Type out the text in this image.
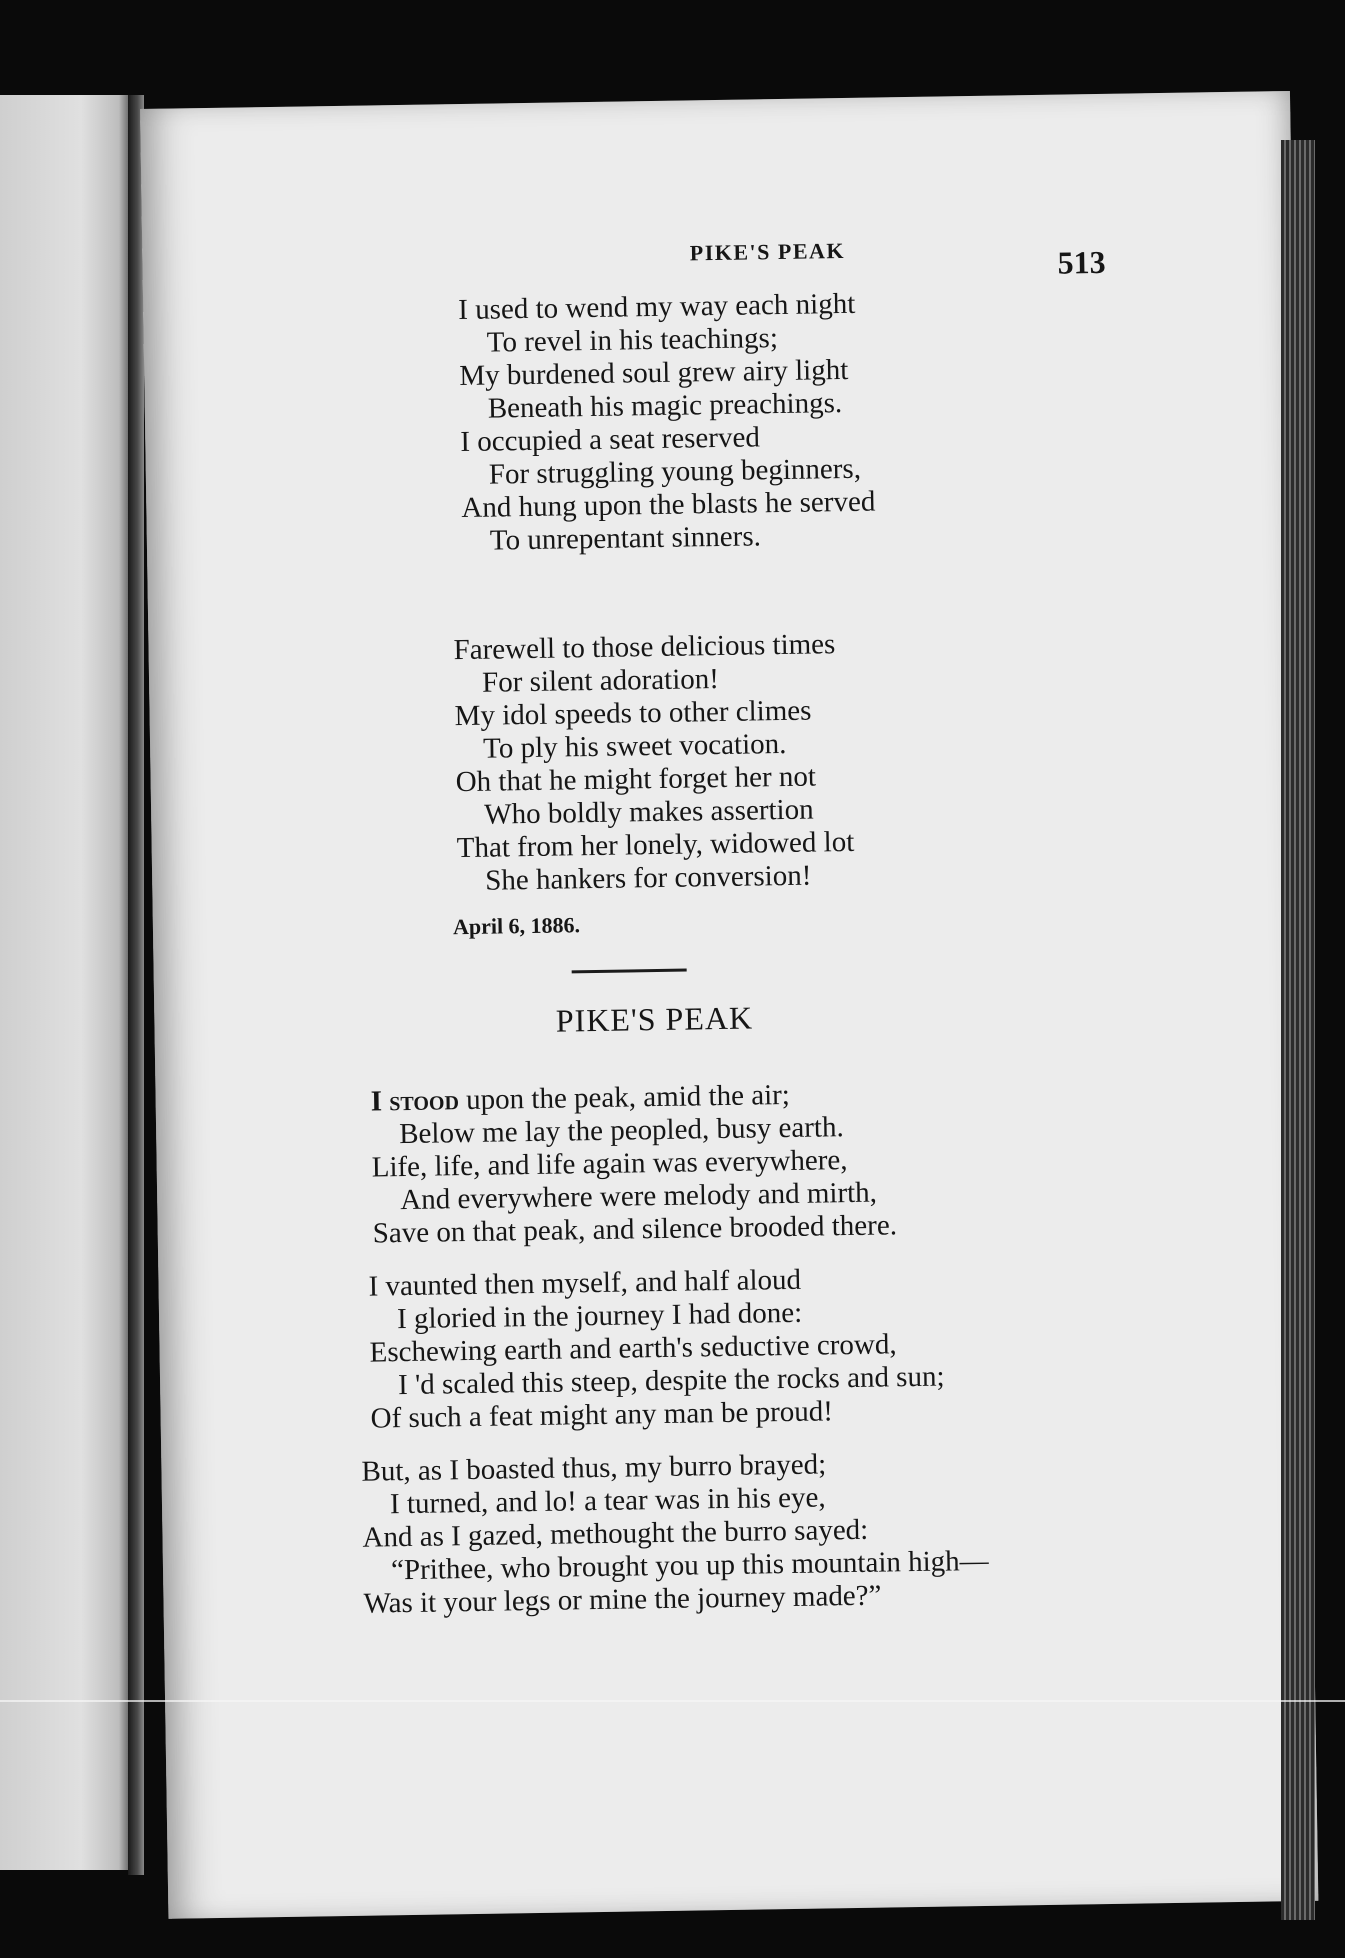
PIKE'S PEAK	513
I used to wend my way each night
To revel in his teachings;
My burdened soul grew airy light
Beneath his magic preachings.
I occupied a seat reserved
For struggling young beginners,
And hung upon the blasts he served
To unrepentant sinners.
Farewell to those delicious times
For silent adoration!
My idol speeds to other climes
To ply his sweet vocation.
Oh that he might forget her not
Who boldly makes assertion
That from her lonely, widowed lot
She hankers for conversion!
April 6, 1886.
PIKE'S PEAK
I stood upon the peak, amid the air;
Below me lay the peopled, busy earth.
Life, life, and life again was everywhere,
And everywhere were melody and mirth,
Save on that peak, and silence brooded there.
I vaunted then myself, and half aloud
I gloried in the journey I had done:
Eschewing earth and earth's seductive crowd,
I 'd scaled this steep, despite the rocks and sun;
Of such a feat might any man be proud!
But, as I boasted thus, my burro brayed;
I turned, and lo! a tear was in his eye,
And as I gazed, methought the burro sayed:
“Prithee, who brought you up this mountain high—
Was it your legs or mine the journey made?”
